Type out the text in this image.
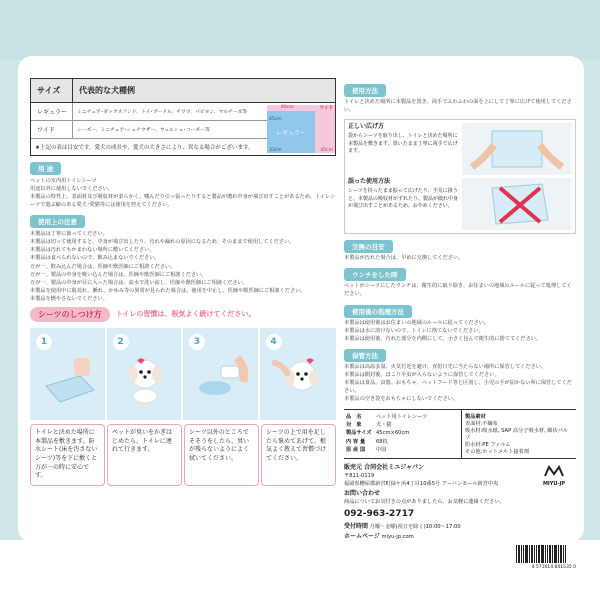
サイズ	代表的な犬種例
レギュラー	ミニチュア･ダックスフンド、トイ･プードル、チワワ、パピヨン、マルチーズ等
ワイド	シーズー、ミニチュア･シュナウザー、ウェルシュ･コーギー等
★上記の表は目安です。愛犬の成長や、愛犬の大きさにより、異なる場合がございます。
レギュラー
ワイド
60cm
45cm
45cm
33cm
用 途
ペットの室内用トイレシーツ
用途以外に使用しないでください。
本製品の特性上、表面材及び吸収材が柔らかく、噛んだり引っ張ったりすると製品が壊れ中身が飛び出すことがあるため、トイレシーツで遊ぶ癖のある愛犬･愛猫等には使用を控えてください。
使用上の注意
本製品は丁寧に扱ってください。
本製品は切って使用すると、中身が飛び出したり、汚れや漏れの原因になるため、そのままで使用してください。
本製品は汚れてもかまわない場所に敷いてください。
本製品は食べられないので、飲み込まないでください。
万が一、飲み込んだ場合は、医師や獣医師にご相談ください。
万が一、製品の中身を吸い込んだ場合は、医師や獣医師にご相談ください。
万が一、製品の中身が目に入った場合は、流水で洗い流し、医師や獣医師にご相談ください。
本製品を使用中に肌荒れ、腫れ、かゆみ等の異常が見られた場合は、使用を中止し、医師や獣医師にご相談ください。
本製品を燃やさないでください。
シーツのしつけ方	トイレの習慣は、根気よく続けてください。
1	2	3	4
トイレと決めた場所に本製品を敷きます。防水シート(床を汚さないシーツ)等を下に敷くと万が一の時に安心です。
ペットが臭いをかぎはじめたら、トイレに連れて行きます。
シーツ以外のところでそそうをしたら、臭いが残らないようによく拭いてください。
シーツの上で用を足したら褒めてあげて、根気よく教えて習慣づけてください。
使用方法
トイレと決めた場所に本製品を置き、両手でふわふわの面を上にして丁寧に広げて使用してください。
正しい広げ方
袋からシーツを取り出し、トイレと決めた場所に本製品を敷きます。置いたまま丁寧に両手で広げます。
誤った使用方法
シーツを持ったまま振って広げたり、手荒に扱うと、本製品の吸収材がずれたり、製品が破れ中身が飛び出すことがあるため、おやめください。
交換の目安
本製品が汚れた場合は、早めに交換してください。
ウンチをした時
ペットがシーツにしたウンチは、衛生的に取り除き、お住まいの地域のルールに従って処理してください。
使用後の処理方法
本製品は使用後はお住まいの地域のルールに従ってください。
本製品は水に溶けないので、トイレに捨てないでください。
本製品は使用後、汚れた部分を内側にして、小さく包んで衛生的に捨ててください。
保管方法
本製品は高温多湿、火気付近を避け、直射日光に当たらない場所に保管してください。
本製品は開封後、ほこりや虫が入らないように保管してください。
本製品は食品、食器、おもちゃ、ペットフード等と区別し、小児の手が届かない所に保管してください。
本製品の空き袋をおもちゃにしないでください。
品　名	ペット用トイレシーツ
対　象	犬・猫
製品サイズ 45cm×60cm
内 容 量	68枚
原 産 国	中国
製品素材
表面材:不織布
吸水材:吸水紙, SAP 高分子吸水材, 綿状パルプ
防水材:PE フィルム
その他:ホットメルト接着剤
MIYU-JP
販売元 合同会社ミユジャパン
〒811-0119
福岡県糟屋郡新宮町緑ケ浜4丁目10番5号 アーバンモール新宮中央
お問い合わせ
商品についてお気付きの点がありましたら、お気軽に連絡ください。
092-963-2717
受付時間 月曜〜金曜(祝日を除く)10:00〜17:00
ホームページ miyu-jp.com
4 571614 841535 0
